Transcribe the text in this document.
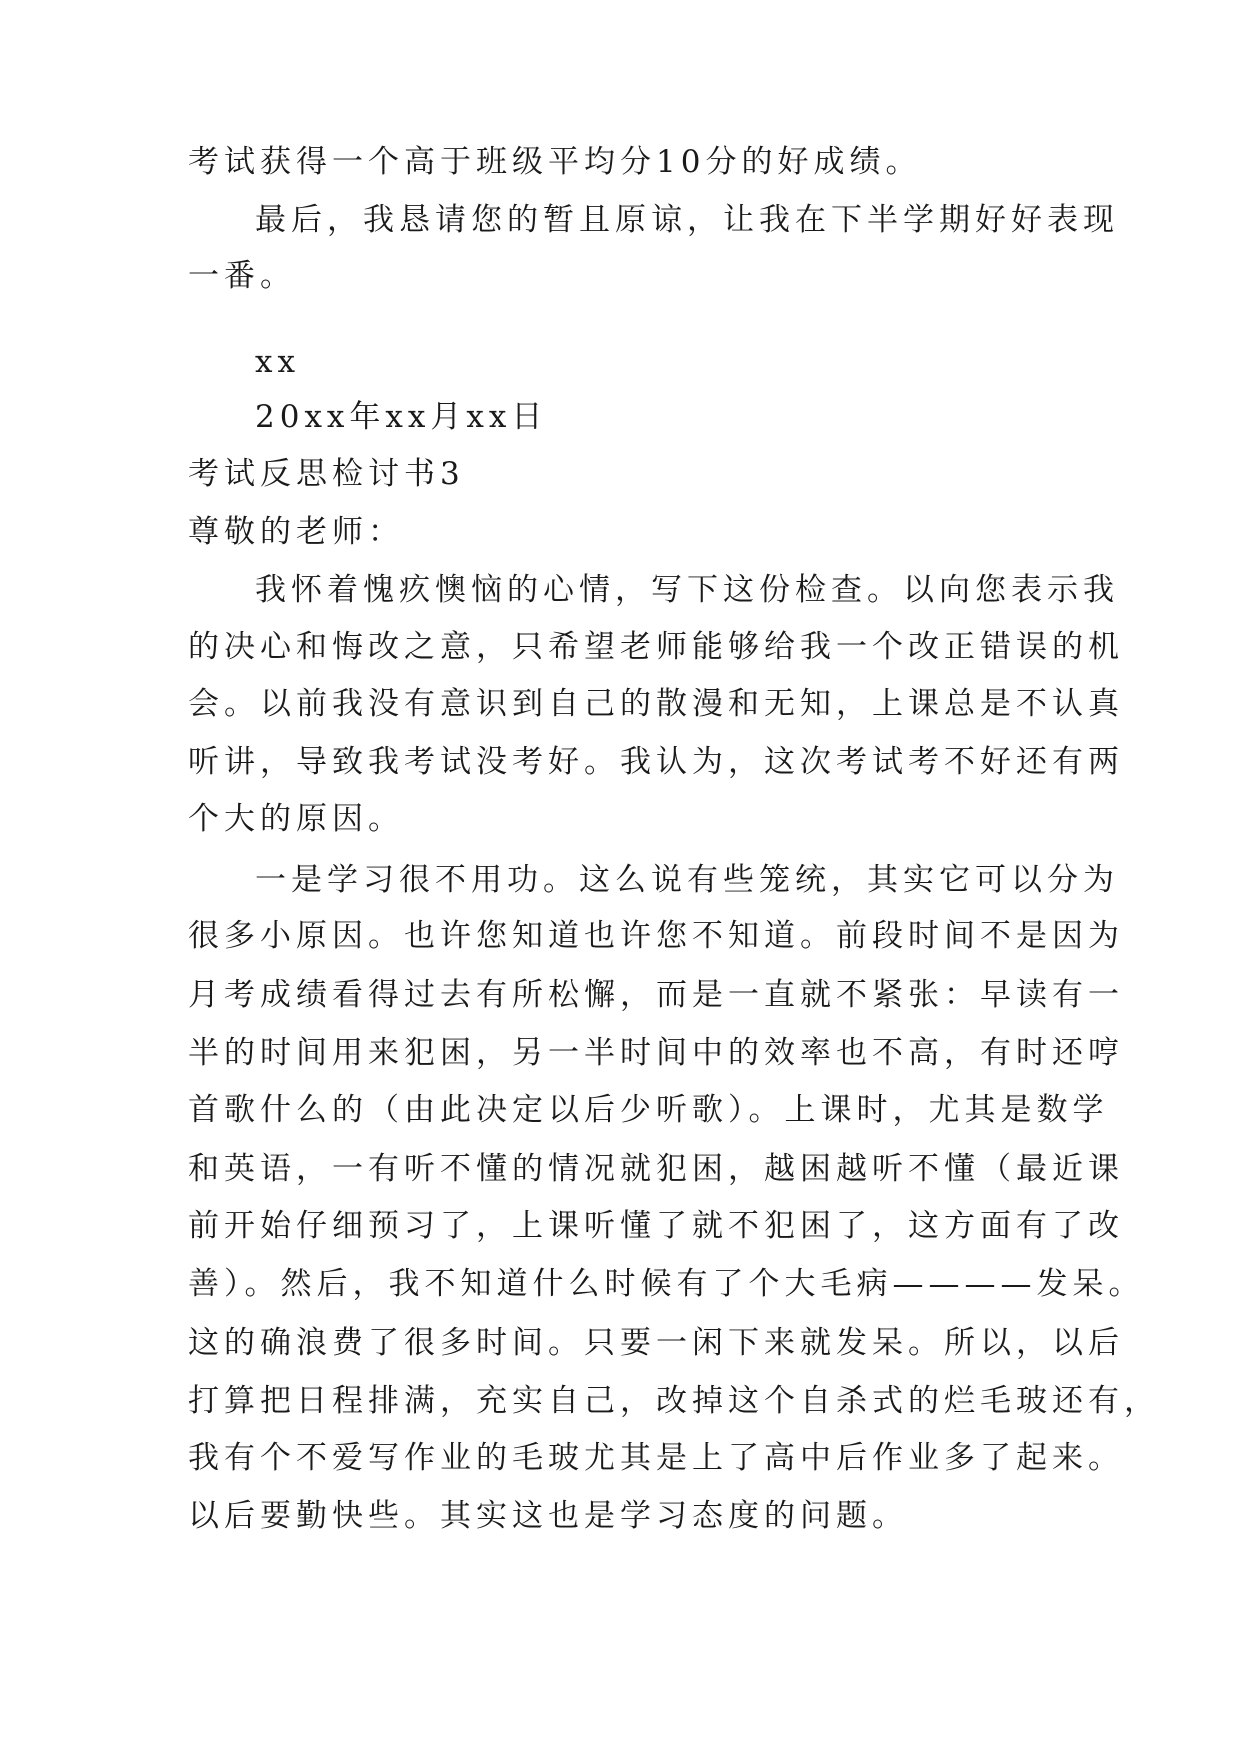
考试获得一个高于班级平均分10分的好成绩。
最后，我恳请您的暂且原谅，让我在下半学期好好表现
一番。
xx
20xx年xx月xx日
考试反思检讨书3
尊敬的老师：
我怀着愧疚懊恼的心情，写下这份检查。以向您表示我
的决心和悔改之意，只希望老师能够给我一个改正错误的机
会。以前我没有意识到自己的散漫和无知，上课总是不认真
听讲，导致我考试没考好。我认为，这次考试考不好还有两
个大的原因。
一是学习很不用功。这么说有些笼统，其实它可以分为
很多小原因。也许您知道也许您不知道。前段时间不是因为
月考成绩看得过去有所松懈，而是一直就不紧张：早读有一
半的时间用来犯困，另一半时间中的效率也不高，有时还哼
首歌什么的（由此决定以后少听歌）。上课时，尤其是数学
和英语，一有听不懂的情况就犯困，越困越听不懂（最近课
前开始仔细预习了，上课听懂了就不犯困了，这方面有了改
善）。然后，我不知道什么时候有了个大毛病————发呆。
这的确浪费了很多时间。只要一闲下来就发呆。所以，以后
打算把日程排满，充实自己，改掉这个自杀式的烂毛玻还有，
我有个不爱写作业的毛玻尤其是上了高中后作业多了起来。
以后要勤快些。其实这也是学习态度的问题。
